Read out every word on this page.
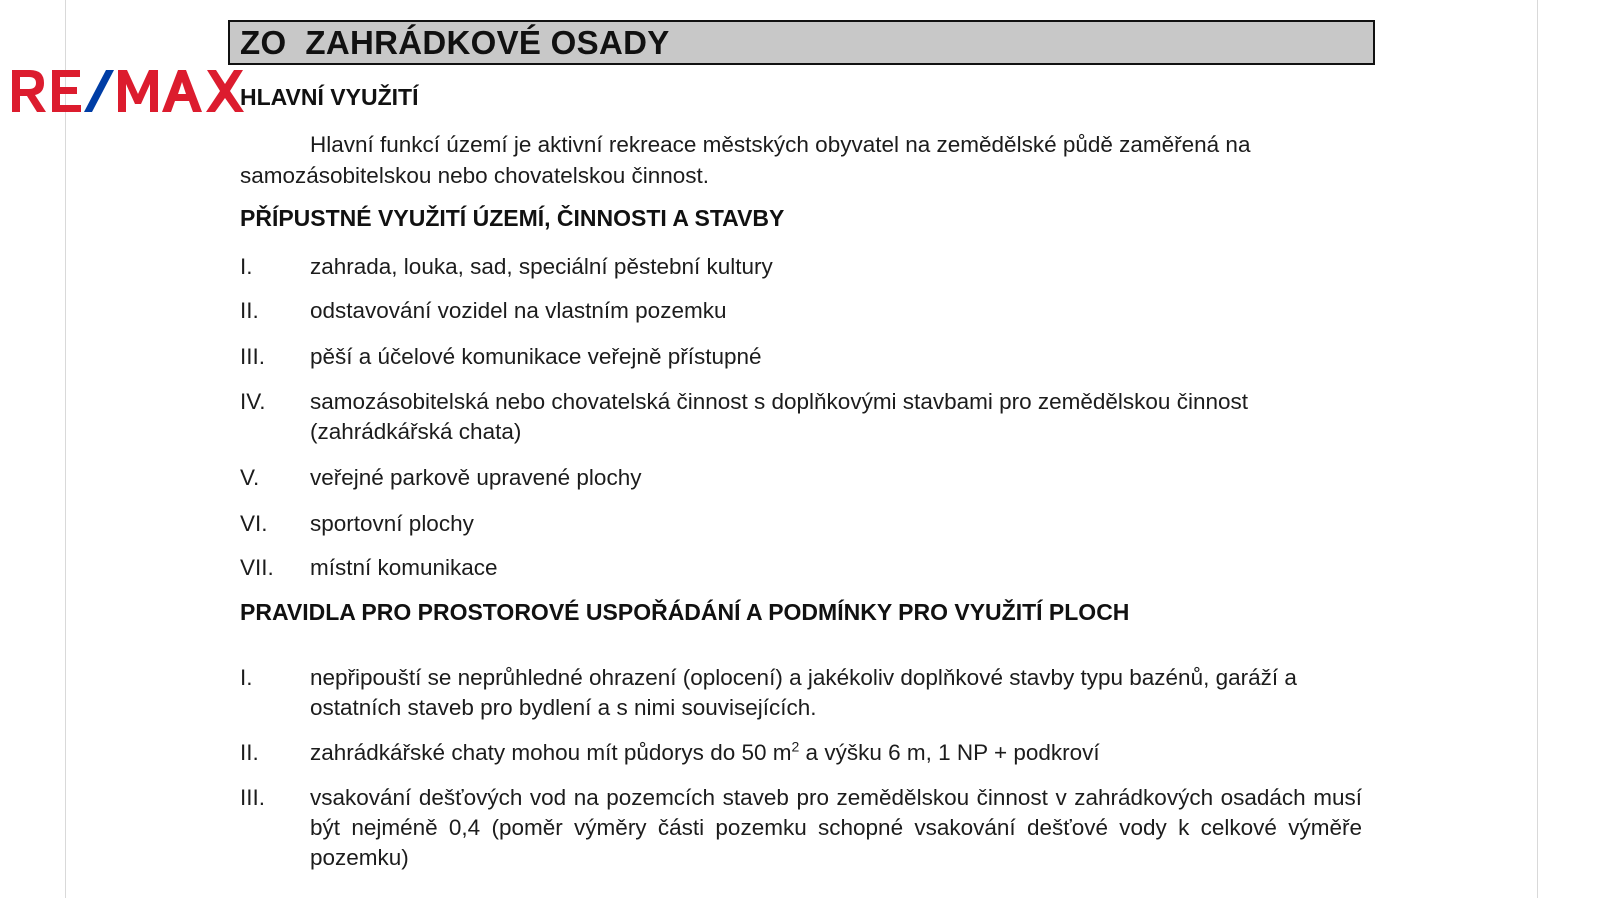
ZO  ZAHRÁDKOVÉ OSADY
HLAVNÍ VYUŽITÍ
Hlavní funkcí území je aktivní rekreace městských obyvatel na zemědělské půdě zaměřená na samozásobitelskou nebo chovatelskou činnost.
PŘÍPUSTNÉ VYUŽITÍ ÚZEMÍ, ČINNOSTI A STAVBY
I.	zahrada, louka, sad, speciální pěstební kultury
II.	odstavování vozidel na vlastním pozemku
III.	pěší a účelové komunikace veřejně přístupné
IV.	samozásobitelská nebo chovatelská činnost s doplňkovými stavbami pro zemědělskou činnost (zahrádkářská chata)
V.	veřejné parkově upravené plochy
VI.	sportovní plochy
VII.	místní komunikace
PRAVIDLA PRO PROSTOROVÉ USPOŘÁDÁNÍ A PODMÍNKY PRO VYUŽITÍ PLOCH
I.	nepřipouští se neprůhledné ohrazení (oplocení) a jakékoliv doplňkové stavby typu bazénů, garáží a ostatních staveb pro bydlení a s nimi souvisejících.
II.	zahrádkářské chaty mohou mít půdorys do 50 $m^2$ a výšku 6 m, 1 NP + podkroví
III.	vsakování dešťových vod na pozemcích staveb pro zemědělskou činnost v zahrádkových osadách musí být nejméně 0,4 (poměr výměry části pozemku schopné vsakování dešťové vody k celkové výměře pozemku)
